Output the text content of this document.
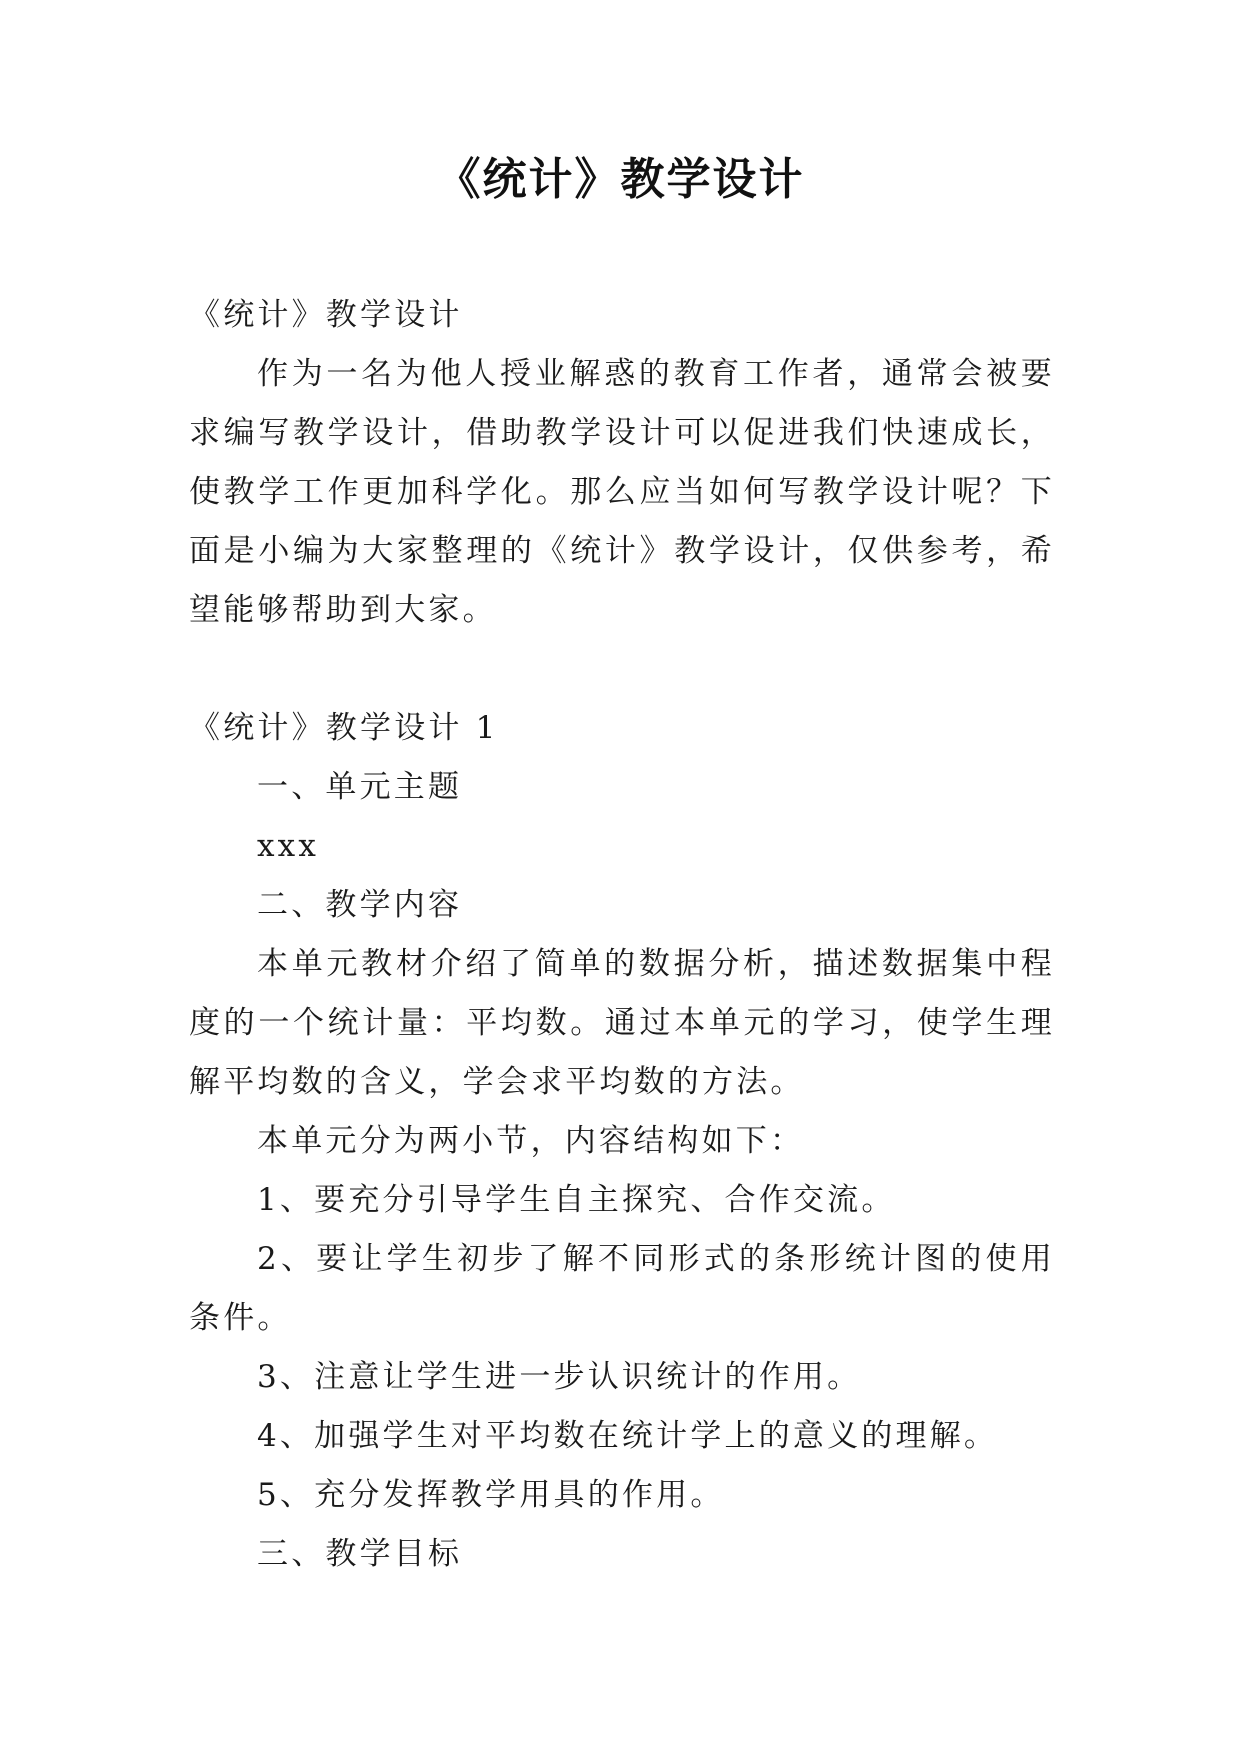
《统计》教学设计

《统计》教学设计

作为一名为他人授业解惑的教育工作者，通常会被要求编写教学设计，借助教学设计可以促进我们快速成长，使教学工作更加科学化。那么应当如何写教学设计呢？下面是小编为大家整理的《统计》教学设计，仅供参考，希望能够帮助到大家。

《统计》教学设计 1

一、单元主题

xxx

二、教学内容

本单元教材介绍了简单的数据分析，描述数据集中程度的一个统计量：平均数。通过本单元的学习，使学生理解平均数的含义，学会求平均数的方法。

本单元分为两小节，内容结构如下：

1、要充分引导学生自主探究、合作交流。

2、要让学生初步了解不同形式的条形统计图的使用条件。

3、注意让学生进一步认识统计的作用。

4、加强学生对平均数在统计学上的意义的理解。

5、充分发挥教学用具的作用。

三、教学目标
